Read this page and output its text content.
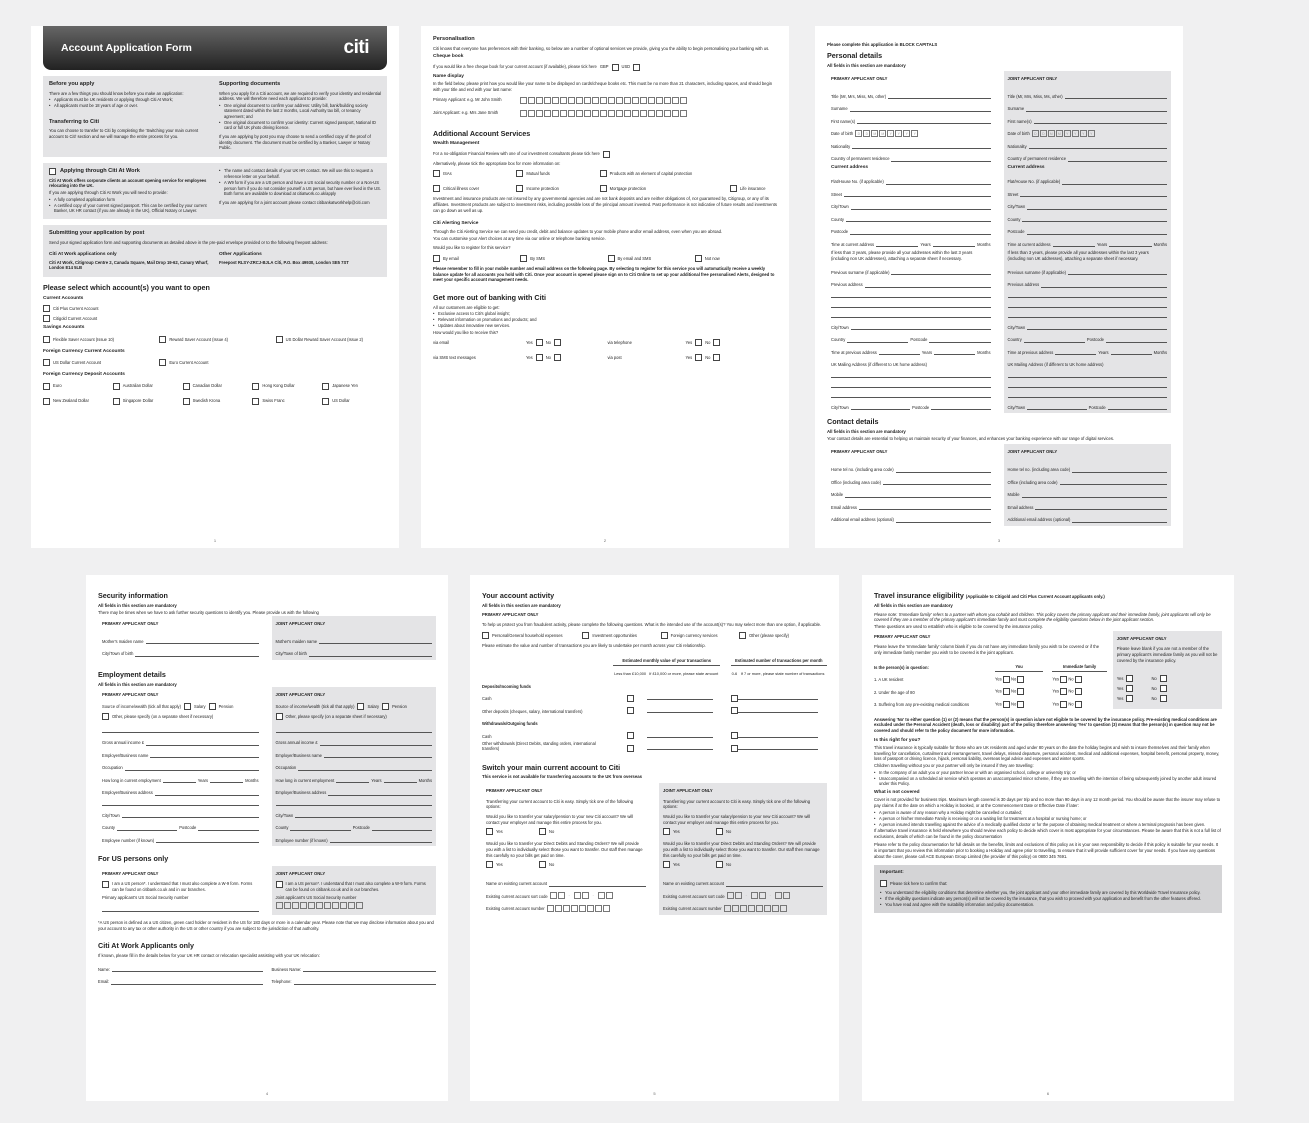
Account Application Form	citi
Before you apply
There are a few things you should know before you make an application:
• Applicants must be UK residents or applying through Citi At Work;
• All applicants must be 18 years of age or over.
Transferring to Citi
You can choose to transfer to Citi by completing the 'Switching your main current account to Citi' section and we will manage the entire process for you.
Supporting documents
When you apply for a Citi account, we are required to verify your identity and residential address. We will therefore need each applicant to provide:
• One original document to confirm your address: Utility bill, bank/building society statement dated within the last 2 months, Local Authority tax bill, or tenancy agreement; and
• One original document to confirm your identity: Current signed passport, National ID card or full UK photo driving licence.
If you are applying by post you may choose to send a certified copy of the proof of identity document. The document must be certified by a Banker, Lawyer or Notary Public.
Applying through Citi At Work
Citi At Work offers corporate clients an account opening service for employees relocating into the UK.
If you are applying through Citi At Work you will need to provide:
• A fully completed application form
• A certified copy of your current signed passport. This can be certified by your current Banker, UK HR contact (if you are already in the UK), Official Notary or Lawyer.
• The name and contact details of your UK HR contact. We will use this to request a reference letter on your behalf.
• A W9 form if you are a US person and have a US social security number or a Non-US person form if you do not consider yourself a US person, but have ever lived in the US. Both forms are available to download at citiatwork.co.uk/apply
If you are applying for a joint account please contact citibankatworkhelp@citi.com
Submitting your application by post
Send your signed application form and supporting documents as detailed above in the pre-paid envelope provided or to the following freepost address:
Citi At Work applications only
Citi At Work, Citigroup Centre 2, Canada Square, Mail Drop 19-62, Canary Wharf, London E14 5LB
Other Applications
Freepost RLSY-ZRCJ-BJLA Citi, P.O. Box 49930, London SE5 7ST
Please select which account(s) you want to open
Current Accounts
Citi Plus Current Account
Citigold Current Account
Savings Accounts
Flexible Saver Account (Issue 10)	Reward Saver Account (Issue 4)	US Dollar Reward Saver Account (Issue 2)
Foreign Currency Current Accounts
US Dollar Current Account	Euro Current Account
Foreign Currency Deposit Accounts
Euro	Australian Dollar	Canadian Dollar	Hong Kong Dollar	Japanese Yen
New Zealand Dollar	Singapore Dollar	Swedish Krona	Swiss Franc	US Dollar
1
Personalisation
Citi knows that everyone has preferences with their banking, so below are a number of optional services we provide, giving you the ability to begin personalising your banking with us.
Cheque book
If you would like a free cheque book for your current account (if available), please tick here GBP	USD
Name display
In the field below, please print how you would like your name to be displayed on cards/cheque books etc. This must be no more than 21 characters, including spaces, and should begin with your title and end with your last name:
Primary Applicant: e.g. Mr John Smith
Joint Applicant: e.g. Mrs Jane Smith
Additional Account Services
Wealth Management
For a no-obligation Financial Review with one of our investment consultants please tick here
Alternatively, please tick the appropriate box for more information on:
ISAs	Mutual funds	Products with an element of capital protection
Critical illness cover	Income protection	Mortgage protection	Life insurance
Investment and insurance products are not insured by any governmental agencies and are not bank deposits and are neither obligations of, nor guaranteed by, Citigroup, or any of its affiliates. Investment products are subject to investment risks, including possible loss of the principal amount invested. Past performance is not indicative of future results and investments can go down as well as up.
Citi Alerting Service
Through the Citi Alerting Service we can send you credit, debit and balance updates to your mobile phone and/or email address, even when you are abroad.
You can customise your Alert choices at any time via our online or telephone banking service.
Would you like to register for this service?
By email	By SMS	By email and SMS	Not now
Please remember to fill in your mobile number and email address on the following page. By selecting to register for this service you will automatically receive a weekly balance update for all accounts you hold with Citi. Once your account is opened please sign on to Citi Online to set up your additional free personalised Alerts, designed to meet your specific account management needs.
Get more out of banking with Citi
All our customers are eligible to get:
• Exclusive access to Citi's global insight;
• Relevant information on promotions and products; and
• Updates about innovative new services.
How would you like to receive this?
via email	Yes	No	via telephone	Yes	No
via SMS text messages	Yes	No	via post	Yes	No
2
Please complete this application in BLOCK CAPITALS
Personal details
All fields in this section are mandatory
PRIMARY APPLICANT ONLY
Title (Mr, Mrs, Miss, Ms, other)
Surname
First name(s)
Date of birth	D	D	M	M	Y	Y	Y	Y
Nationality
Country of permanent residence
Current address
Flat/House No. (if applicable)
Street
City/Town
County
Postcode
Time at current address	Years	Months
If less than 3 years, please provide all your addresses within the last 3 years (including non UK addresses), attaching a separate sheet if necessary.
Previous surname (if applicable)
Previous address
City/Town
Country	Postcode
Time at previous address	Years	Months
UK Mailing Address (if different to UK home address)
City/Town	Postcode
JOINT APPLICANT ONLY
Title (Mr, Mrs, Miss, Ms, other)
Surname
First name(s)
Date of birth	D	D	M	M	Y	Y	Y	Y
Nationality
Country of permanent residence
Current address
Flat/House No. (if applicable)
Street
City/Town
County
Postcode
Time at current address	Years	Months
If less than 3 years, please provide all your addresses within the last 3 years (including non UK addresses), attaching a separate sheet if necessary.
Previous surname (if applicable)
Previous address
City/Town
Country	Postcode
Time at previous address	Years	Months
UK Mailing Address (if different to UK home address)
City/Town	Postcode
Contact details
All fields in this section are mandatory
Your contact details are essential to helping us maintain security of your finances, and enhances your banking experience with our range of digital services.
PRIMARY APPLICANT ONLY
Home tel no. (including area code)
Office (including area code)
Mobile
Email address
Additional email address (optional)
JOINT APPLICANT ONLY
Home tel no. (including area code)
Office (including area code)
Mobile
Email address
Additional email address (optional)
3
Security information
All fields in this section are mandatory
There may be times when we have to ask further security questions to identify you. Please provide us with the following
PRIMARY APPLICANT ONLY
Mother's maiden name
City/Town of birth
JOINT APPLICANT ONLY
Mother's maiden name
City/Town of birth
Employment details
All fields in this section are mandatory
PRIMARY APPLICANT ONLY
Source of income/wealth (tick all that apply)	Salary	Pension
Other, please specify (on a separate sheet if necessary)
Gross annual income £
Employer/Business name
Occupation
How long in current employment	Years	Months
Employer/Business address
City/Town
County	Postcode
Employee number (if known)
JOINT APPLICANT ONLY
Source of income/wealth (tick all that apply)	Salary	Pension
Other, please specify (on a separate sheet if necessary)
Gross annual income £
Employer/Business name
Occupation
How long in current employment	Years	Months
Employer/Business address
City/Town
County	Postcode
Employee number (if known)
For US persons only
PRIMARY APPLICANT ONLY
I am a US person*. I understand that I must also complete a W-9 form. Forms can be found on citibank.co.uk and in our branches.
Primary applicant's US Social Security number
JOINT APPLICANT ONLY
I am a US person*. I understand that I must also complete a W-9 form. Forms can be found on citibank.co.uk and in our branches.
Joint applicant's US Social Security number
*A US person is defined as a US citizen, green card holder or resident in the US for 183 days or more in a calendar year. Please note that we may disclose information about you and your account to any tax or other authority in the US or other country if you are subject to the jurisdiction of that authority.
Citi At Work Applicants only
If known, please fill in the details below for your UK HR contact or relocation specialist assisting with your UK relocation:
Name:
Email:
Business Name:
Telephone:
4
Your account activity
All fields in this section are mandatory
PRIMARY APPLICANT ONLY
To help us protect you from fraudulent activity, please complete the following questions. What is the intended use of the account(s)? You may select more than one option, if applicable.
Personal/General household expenses	Investment opportunities	Foreign currency services	Other (please specify)
Please estimate the value and number of transactions you are likely to undertake per month across your Citi relationship.
	Estimated monthly value of your transactions			Estimated number of transactions per month	
	Less than £10,000	If £10,000 or more, please state amount		0-6	If 7 or more, please state number of transactions
Deposits/Incoming funds					
Cash					
Other deposits (cheques, salary, international transfers)					
Withdrawals/Outgoing funds					
Cash					
Other withdrawals (Direct Debits, standing orders, international transfers)					
Switch your main current account to Citi
This service is not available for transferring accounts to the UK from overseas
PRIMARY APPLICANT ONLY
Transferring your current account to Citi is easy. Simply tick one of the following options:
Would you like to transfer your salary/pension to your new Citi account? We will contact your employer and manage this entire process for you.
Yes	No
Would you like to transfer your Direct Debits and Standing Orders? We will provide you with a list to individually select those you want to transfer. Our staff then manage this carefully so your bills get paid on time.
Yes	No
Name on existing current account
Existing current account sort code	-	-
Existing current account number
JOINT APPLICANT ONLY
Transferring your current account to Citi is easy. Simply tick one of the following options:
Would you like to transfer your salary/pension to your new Citi account? We will contact your employer and manage this entire process for you.
Yes	No
Would you like to transfer your Direct Debits and Standing Orders? We will provide you with a list to individually select those you want to transfer. Our staff then manage this carefully so your bills get paid on time.
Yes	No
Name on existing current account
Existing current account sort code	-	-
Existing current account number
5
Travel insurance eligibility (Applicable to Citigold and Citi Plus Current Account applicants only.)
All fields in this section are mandatory
Please note: 'Immediate family' refers to a partner with whom you cohabit and children. This policy covers the primary applicant and their immediate family, joint applicants will only be covered if they are a member of the primary applicant's immediate family and must complete the eligibility questions below in the joint applicant section.
These questions are used to establish who is eligible to be covered by the insurance policy.
PRIMARY APPLICANT ONLY
Please leave the 'Immediate family' column blank if you do not have any immediate family you wish to be covered or if the only immediate family member you wish to be covered is the joint applicant.
Is the person(s) in question:	You		Immediate family
1. A UK resident	Yes No		Yes No
2. Under the age of 80	Yes No		Yes No
3. Suffering from any pre-existing medical conditions	Yes No		Yes No
JOINT APPLICANT ONLY
Please leave blank if you are not a member of the primary applicant's immediate family as you will not be covered by the insurance policy.
Yes	No
Yes	No
Yes	No
Answering 'No' to either question (1) or (2) means that the person(s) in question is/are not eligible to be covered by the insurance policy. Pre-existing medical conditions are excluded under the Personal Accident (death, loss or disability) part of the policy therefore answering 'Yes' to question (3) means that the person(s) in question may not be covered and should refer to the policy document for more information.
Is this right for you?
This travel insurance is typically suitable for those who are UK residents and aged under 80 years on the date the holiday begins and wish to insure themselves and their family when travelling for cancellation, curtailment and rearrangement, travel delays, missed departure, personal accident, medical and additional expenses, hospital benefit, personal property, money, loss of passport or driving licence, hijack, personal liability, overseas legal advice and expenses and winter sports.
Children travelling without you or your partner will only be insured if they are travelling:
• In the company of an adult you or your partner know or with an organised school, college or university trip; or
• Unaccompanied on a scheduled air service which operates an unaccompanied minor scheme, if they are travelling with the intention of being subsequently joined by another adult insured under this Policy.
What is not covered
Cover is not provided for business trips. Maximum length covered is 30 days per trip and no more than 90 days in any 12 month period. You should be aware that the insurer may refuse to pay claims if at the date on which a Holiday is booked, or at the Commencement Date or Effective Date if later:
• A person is aware of any reason why a Holiday might be cancelled or curtailed;
• A person or his/her Immediate Family is receiving or on a waiting list for treatment at a hospital or nursing home; or
• A person insured intends travelling against the advice of a medically qualified doctor or for the purpose of obtaining medical treatment or where a terminal prognosis has been given.
If alternative travel insurance is held elsewhere you should review each policy to decide which cover is most appropriate for your circumstances. Please be aware that this is not a full list of exclusions, details of which can be found in the policy documentation
Please refer to the policy documentation for full details on the benefits, limits and exclusions of this policy as it is your own responsibility to decide if this policy is suitable for your needs. It is important that you review this information prior to booking a Holiday and agree prior to travelling, to ensure that it will provide sufficient cover for your needs. If you have any questions about the cover, please call ACE European Group Limited (the provider of this policy) on 0800 345 7691.
Important:
Please tick here to confirm that:
• You understand the eligibility conditions that determine whether you, the joint applicant and your other immediate family are covered by this Worldwide Travel Insurance policy.
• If the eligibility questions indicate any person(s) will not be covered by the insurance, that you wish to proceed with your application and benefit from the other features offered.
• You have read and agree with the suitability information and policy documentation.
6
